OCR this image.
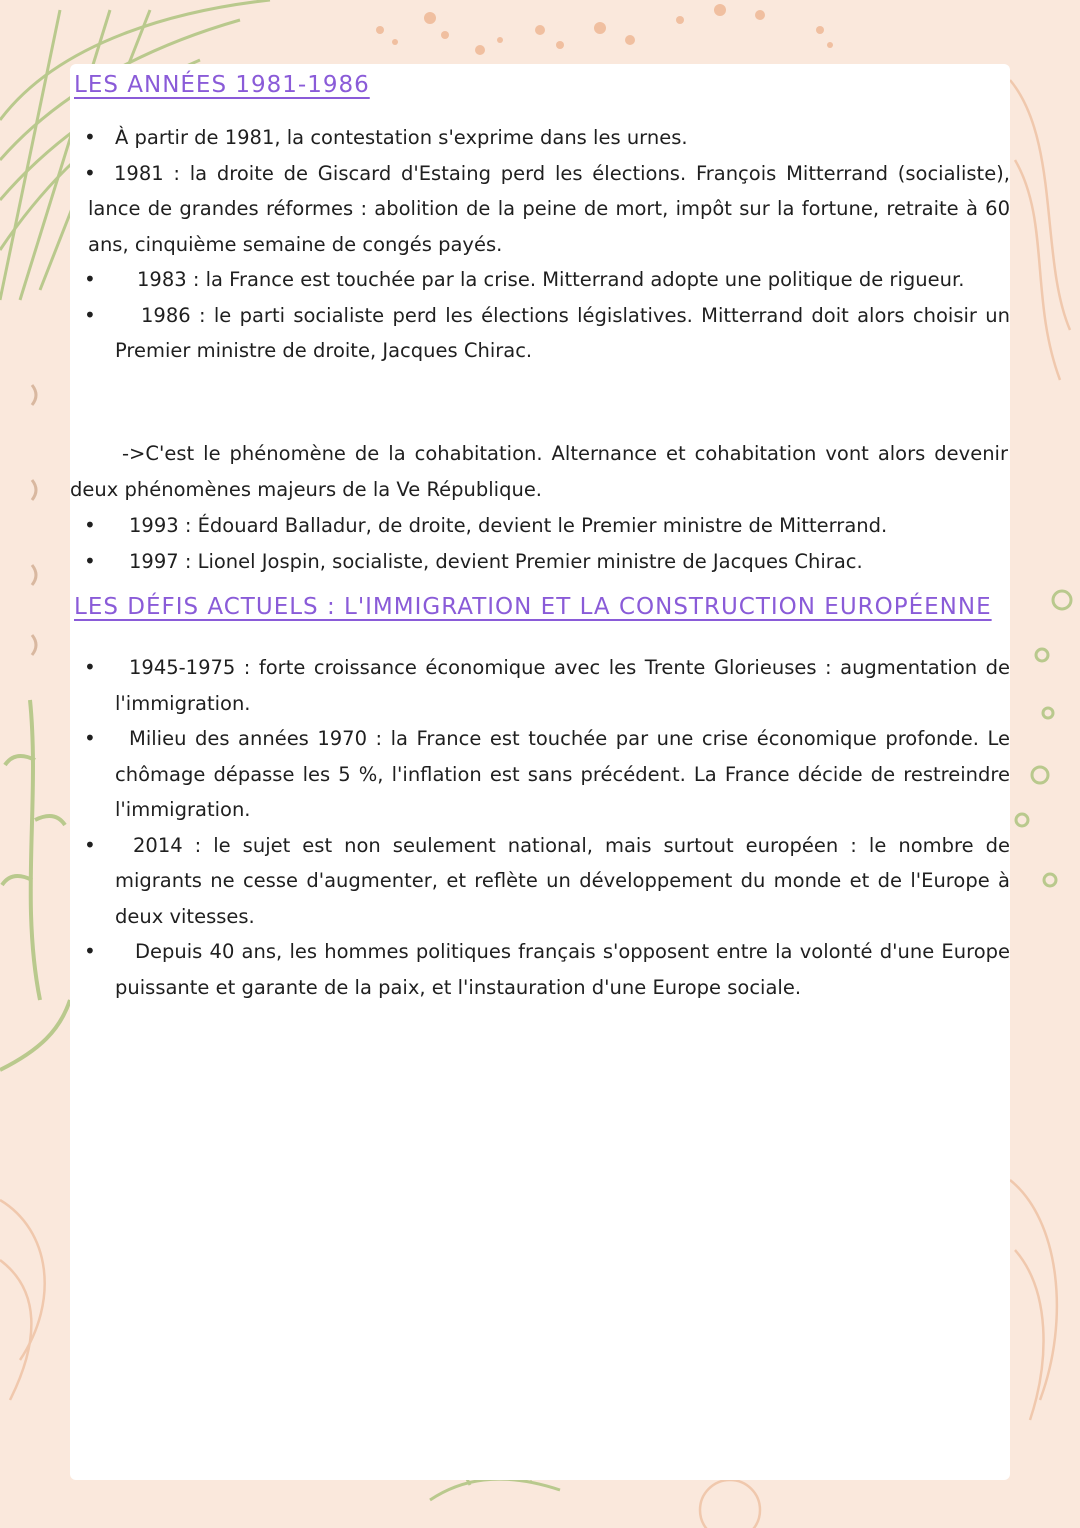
LES ANNÉES 1981-1986
• À partir de 1981, la contestation s'exprime dans les urnes.
• 1981 : la droite de Giscard d'Estaing perd les élections. François Mitterrand (socialiste), lance de grandes réformes : abolition de la peine de mort, impôt sur la fortune, retraite à 60 ans, cinquième semaine de congés payés.
• 1983 : la France est touchée par la crise. Mitterrand adopte une politique de rigueur.
• 1986 : le parti socialiste perd les élections législatives. Mitterrand doit alors choisir un Premier ministre de droite, Jacques Chirac.

->C'est le phénomène de la cohabitation. Alternance et cohabitation vont alors devenir deux phénomènes majeurs de la Ve République.

• 1993 : Édouard Balladur, de droite, devient le Premier ministre de Mitterrand.
• 1997 : Lionel Jospin, socialiste, devient Premier ministre de Jacques Chirac.
LES DÉFIS ACTUELS : L'IMMIGRATION ET LA CONSTRUCTION EUROPÉENNE
• 1945-1975 : forte croissance économique avec les Trente Glorieuses : augmentation de l'immigration.
• Milieu des années 1970 : la France est touchée par une crise économique profonde. Le chômage dépasse les 5 %, l'inflation est sans précédent. La France décide de restreindre l'immigration.
• 2014 : le sujet est non seulement national, mais surtout européen : le nombre de migrants ne cesse d'augmenter, et reflète un développement du monde et de l'Europe à deux vitesses.
• Depuis 40 ans, les hommes politiques français s'opposent entre la volonté d'une Europe puissante et garante de la paix, et l'instauration d'une Europe sociale.
